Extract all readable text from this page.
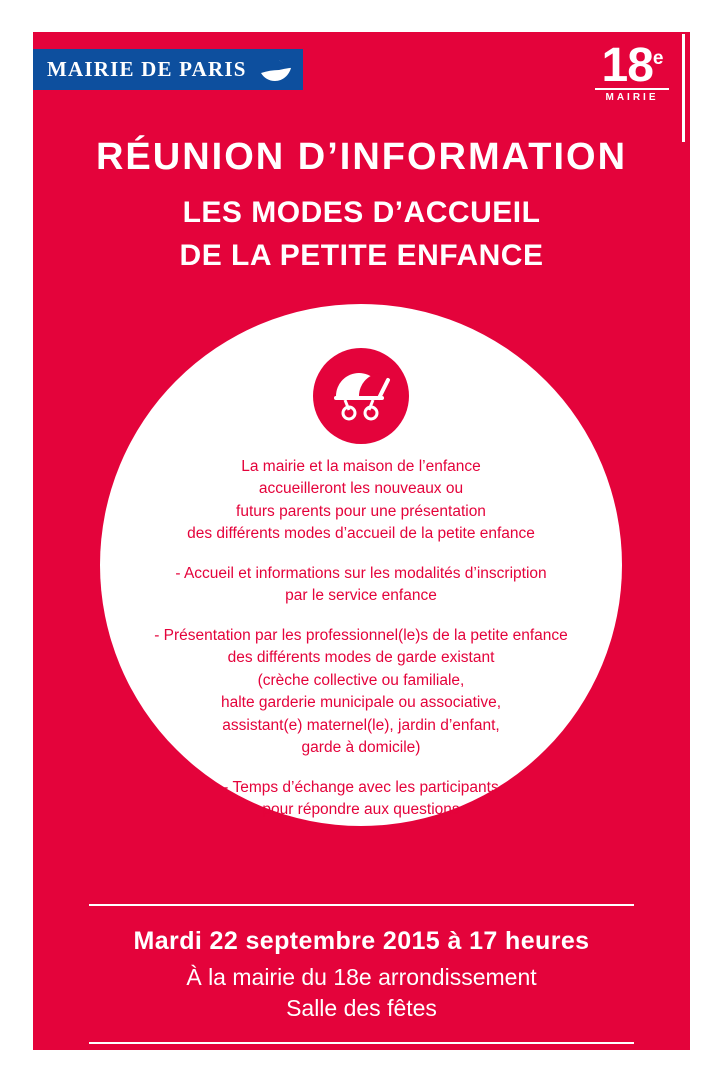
MAIRIE DE PARIS	18e
MAIRIE
RÉUNION D’INFORMATION
LES MODES D’ACCUEIL
DE LA PETITE ENFANCE
La mairie et la maison de l’enfance
accueilleront les nouveaux ou
futurs parents pour une présentation
des différents modes d’accueil de la petite enfance
- Accueil et informations sur les modalités d’inscription
par le service enfance
- Présentation par les professionnel(le)s de la petite enfance
des différents modes de garde existant
(crèche collective ou familiale,
halte garderie municipale ou associative,
assistant(e) maternel(le), jardin d’enfant,
garde à domicile)
- Temps d’échange avec les participants
pour répondre aux questions
Mardi 22 septembre 2015 à 17 heures
À la mairie du 18e arrondissement
Salle des fêtes
